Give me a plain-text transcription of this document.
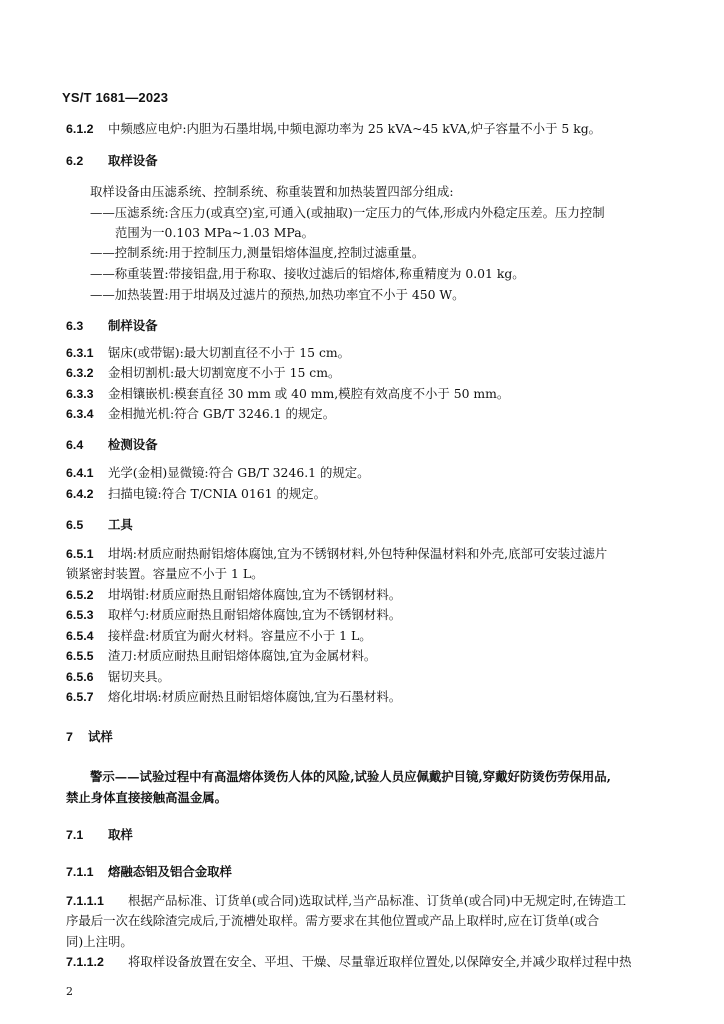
YS/T 1681—2023
6.1.2 中频感应电炉:内胆为石墨坩埚,中频电源功率为 25 kVA~45 kVA,炉子容量不小于 5 kg。
6.2 取样设备
取样设备由压滤系统、控制系统、称重装置和加热装置四部分组成:
——压滤系统:含压力(或真空)室,可通入(或抽取)一定压力的气体,形成内外稳定压差。压力控制
范围为一0.103 MPa~1.03 MPa。
——控制系统:用于控制压力,测量铝熔体温度,控制过滤重量。
——称重装置:带接铝盘,用于称取、接收过滤后的铝熔体,称重精度为 0.01 kg。
——加热装置:用于坩埚及过滤片的预热,加热功率宜不小于 450 W。
6.3 制样设备
6.3.1 锯床(或带锯):最大切割直径不小于 15 cm。
6.3.2 金相切割机:最大切割宽度不小于 15 cm。
6.3.3 金相镶嵌机:模套直径 30 mm 或 40 mm,模腔有效高度不小于 50 mm。
6.3.4 金相抛光机:符合 GB/T 3246.1 的规定。
6.4 检测设备
6.4.1 光学(金相)显微镜:符合 GB/T 3246.1 的规定。
6.4.2 扫描电镜:符合 T/CNIA 0161 的规定。
6.5 工具
6.5.1 坩埚:材质应耐热耐铝熔体腐蚀,宜为不锈钢材料,外包特种保温材料和外壳,底部可安装过滤片
锁紧密封装置。容量应不小于 1 L。
6.5.2 坩埚钳:材质应耐热且耐铝熔体腐蚀,宜为不锈钢材料。
6.5.3 取样勺:材质应耐热且耐铝熔体腐蚀,宜为不锈钢材料。
6.5.4 接样盘:材质宜为耐火材料。容量应不小于 1 L。
6.5.5 渣刀:材质应耐热且耐铝熔体腐蚀,宜为金属材料。
6.5.6 锯切夹具。
6.5.7 熔化坩埚:材质应耐热且耐铝熔体腐蚀,宜为石墨材料。
7 试样
警示——试验过程中有高温熔体烫伤人体的风险,试验人员应佩戴护目镜,穿戴好防烫伤劳保用品,
禁止身体直接接触高温金属。
7.1 取样
7.1.1 熔融态铝及铝合金取样
7.1.1.1 根据产品标准、订货单(或合同)选取试样,当产品标准、订货单(或合同)中无规定时,在铸造工
序最后一次在线除渣完成后,于流槽处取样。需方要求在其他位置或产品上取样时,应在订货单(或合
同)上注明。
7.1.1.2 将取样设备放置在安全、平坦、干燥、尽量靠近取样位置处,以保障安全,并减少取样过程中热
2
